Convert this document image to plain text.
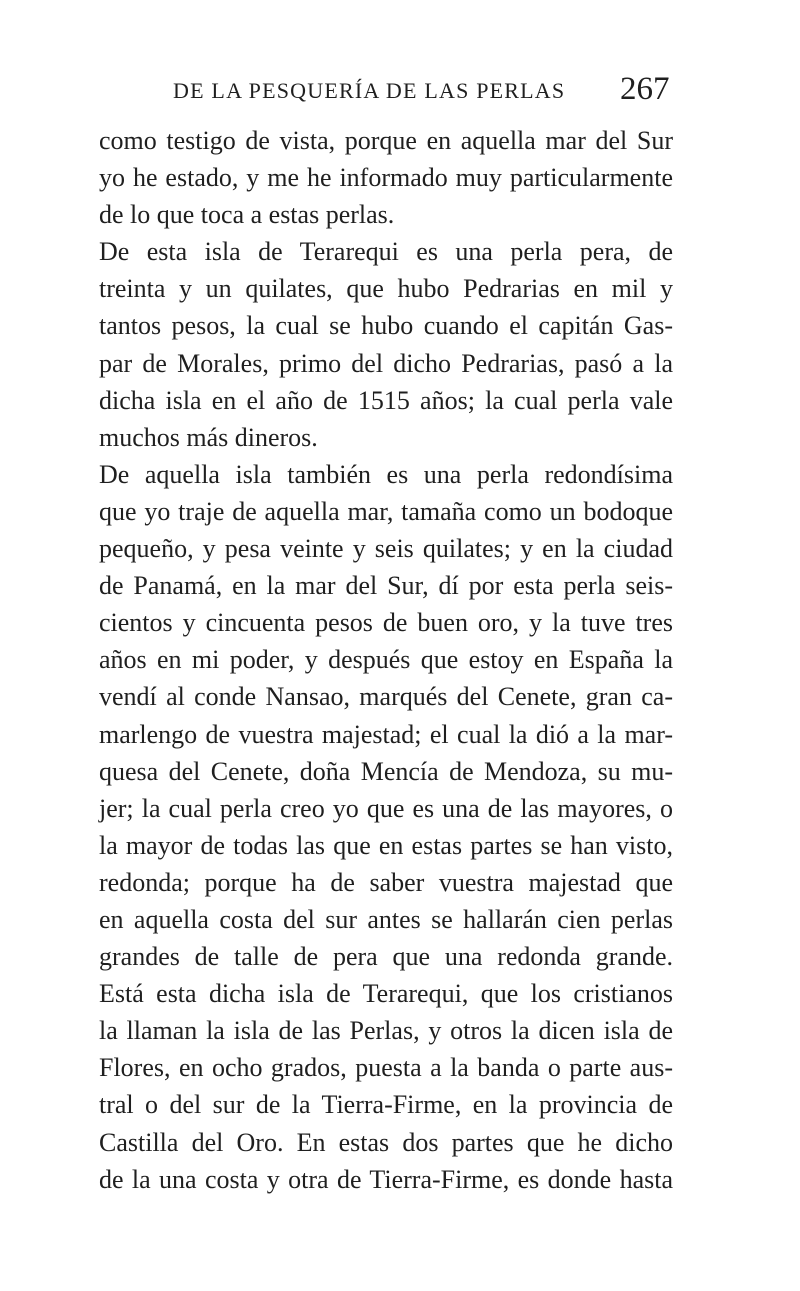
DE LA PESQUERÍA DE LAS PERLAS 267
como testigo de vista, porque en aquella mar del Sur
yo he estado, y me he informado muy particularmente
de lo que toca a estas perlas.
De esta isla de Terarequi es una perla pera, de
treinta y un quilates, que hubo Pedrarias en mil y
tantos pesos, la cual se hubo cuando el capitán Gas-
par de Morales, primo del dicho Pedrarias, pasó a la
dicha isla en el año de 1515 años; la cual perla vale
muchos más dineros.
De aquella isla también es una perla redondísima
que yo traje de aquella mar, tamaña como un bodoque
pequeño, y pesa veinte y seis quilates; y en la ciudad
de Panamá, en la mar del Sur, dí por esta perla seis-
cientos y cincuenta pesos de buen oro, y la tuve tres
años en mi poder, y después que estoy en España la
vendí al conde Nansao, marqués del Cenete, gran ca-
marlengo de vuestra majestad; el cual la dió a la mar-
quesa del Cenete, doña Mencía de Mendoza, su mu-
jer; la cual perla creo yo que es una de las mayores, o
la mayor de todas las que en estas partes se han visto,
redonda; porque ha de saber vuestra majestad que
en aquella costa del sur antes se hallarán cien perlas
grandes de talle de pera que una redonda grande.
Está esta dicha isla de Terarequi, que los cristianos
la llaman la isla de las Perlas, y otros la dicen isla de
Flores, en ocho grados, puesta a la banda o parte aus-
tral o del sur de la Tierra-Firme, en la provincia de
Castilla del Oro. En estas dos partes que he dicho
de la una costa y otra de Tierra-Firme, es donde hasta
